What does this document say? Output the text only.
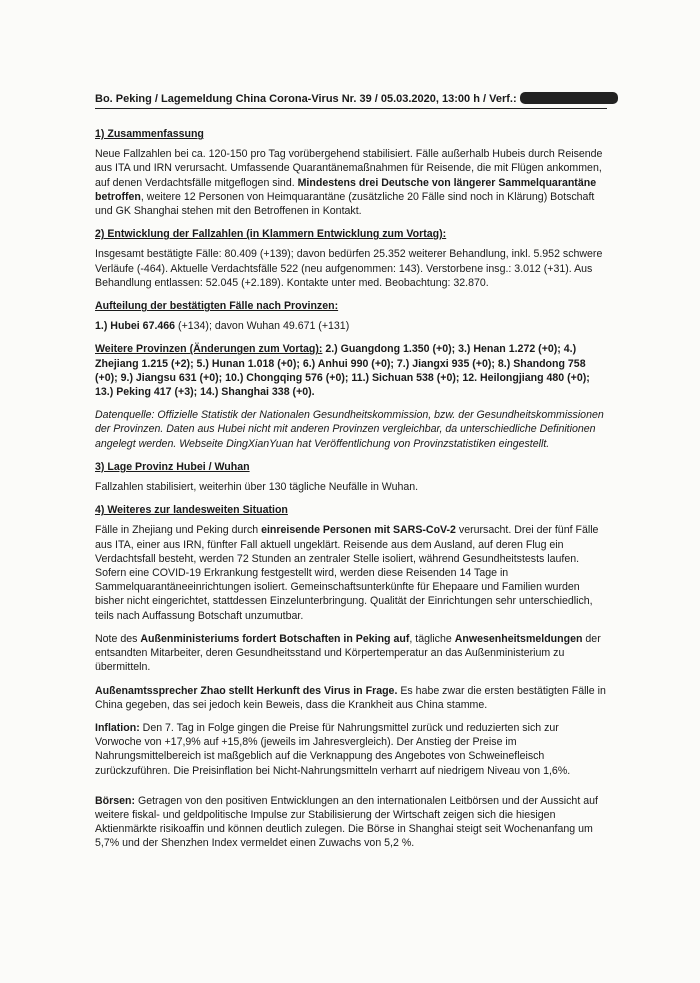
Bo. Peking / Lagemeldung China Corona-Virus Nr. 39 / 05.03.2020, 13:00 h / Verf.:
1) Zusammenfassung

Neue Fallzahlen bei ca. 120-150 pro Tag vorübergehend stabilisiert. Fälle außerhalb Hubeis durch Reisende aus ITA und IRN verursacht. Umfassende Quarantänemaßnahmen für Reisende, die mit Flügen ankommen, auf denen Verdachtsfälle mitgeflogen sind. Mindestens drei Deutsche von längerer Sammelquarantäne betroffen, weitere 12 Personen von Heimquarantäne (zusätzliche 20 Fälle sind noch in Klärung) Botschaft und GK Shanghai stehen mit den Betroffenen in Kontakt.

2) Entwicklung der Fallzahlen (in Klammern Entwicklung zum Vortag):

Insgesamt bestätigte Fälle: 80.409 (+139); davon bedürfen 25.352 weiterer Behandlung, inkl. 5.952 schwere Verläufe (-464). Aktuelle Verdachtsfälle 522 (neu aufgenommen: 143). Verstorbene insg.: 3.012 (+31). Aus Behandlung entlassen: 52.045 (+2.189). Kontakte unter med. Beobachtung: 32.870.

Aufteilung der bestätigten Fälle nach Provinzen:

1.) Hubei 67.466 (+134); davon Wuhan 49.671 (+131)

Weitere Provinzen (Änderungen zum Vortag): 2.) Guangdong 1.350 (+0); 3.) Henan 1.272 (+0); 4.) Zhejiang 1.215 (+2); 5.) Hunan 1.018 (+0); 6.) Anhui 990 (+0); 7.) Jiangxi 935 (+0); 8.) Shandong 758 (+0); 9.) Jiangsu 631 (+0); 10.) Chongqing 576 (+0); 11.) Sichuan 538 (+0); 12. Heilongjiang 480 (+0); 13.) Peking 417 (+3); 14.) Shanghai 338 (+0).

Datenquelle: Offizielle Statistik der Nationalen Gesundheitskommission, bzw. der Gesundheitskommissionen der Provinzen. Daten aus Hubei nicht mit anderen Provinzen vergleichbar, da unterschiedliche Definitionen angelegt werden. Webseite DingXianYuan hat Veröffentlichung von Provinzstatistiken eingestellt.

3) Lage Provinz Hubei / Wuhan

Fallzahlen stabilisiert, weiterhin über 130 tägliche Neufälle in Wuhan.

4) Weiteres zur landesweiten Situation

Fälle in Zhejiang und Peking durch einreisende Personen mit SARS-CoV-2 verursacht. Drei der fünf Fälle aus ITA, einer aus IRN, fünfter Fall aktuell ungeklärt. Reisende aus dem Ausland, auf deren Flug ein Verdachtsfall besteht, werden 72 Stunden an zentraler Stelle isoliert, während Gesundheitstests laufen. Sofern eine COVID-19 Erkrankung festgestellt wird, werden diese Reisenden 14 Tage in Sammelquarantäneeinrichtungen isoliert. Gemeinschaftsunterkünfte für Ehepaare und Familien wurden bisher nicht eingerichtet, stattdessen Einzelunterbringung. Qualität der Einrichtungen sehr unterschiedlich, teils nach Auffassung Botschaft unzumutbar.

Note des Außenministeriums fordert Botschaften in Peking auf, tägliche Anwesenheitsmeldungen der entsandten Mitarbeiter, deren Gesundheitsstand und Körpertemperatur an das Außenministerium zu übermitteln.

Außenamtssprecher Zhao stellt Herkunft des Virus in Frage. Es habe zwar die ersten bestätigten Fälle in China gegeben, das sei jedoch kein Beweis, dass die Krankheit aus China stamme.

Inflation: Den 7. Tag in Folge gingen die Preise für Nahrungsmittel zurück und reduzierten sich zur Vorwoche von +17,9% auf +15,8% (jeweils im Jahresvergleich). Der Anstieg der Preise im Nahrungsmittelbereich ist maßgeblich auf die Verknappung des Angebotes von Schweinefleisch zurückzuführen. Die Preisinflation bei Nicht-Nahrungsmitteln verharrt auf niedrigem Niveau von 1,6%.

Börsen: Getragen von den positiven Entwicklungen an den internationalen Leitbörsen und der Aussicht auf weitere fiskal- und geldpolitische Impulse zur Stabilisierung der Wirtschaft zeigen sich die hiesigen Aktienmärkte risikoaffin und können deutlich zulegen. Die Börse in Shanghai steigt seit Wochenanfang um 5,7% und der Shenzhen Index vermeldet einen Zuwachs von 5,2 %.
